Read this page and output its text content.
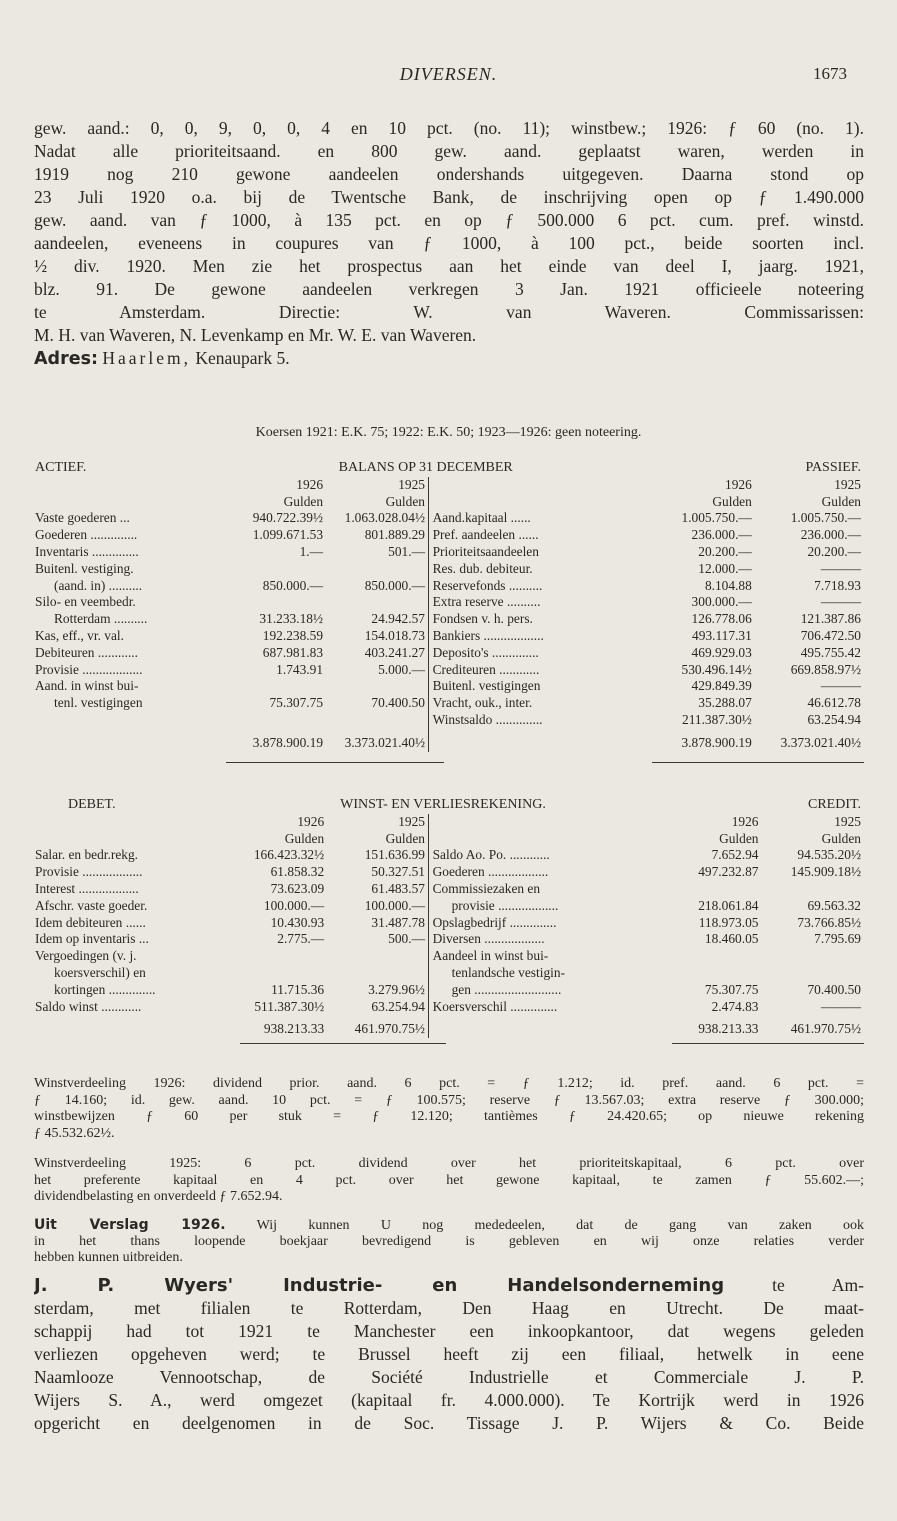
DIVERSEN.	1673
gew. aand.: 0, 0, 9, 0, 0, 4 en 10 pct. (no. 11); winstbew.; 1926: ƒ 60 (no. 1).
Nadat alle prioriteitsaand. en 800 gew. aand. geplaatst waren, werden in
1919 nog 210 gewone aandeelen ondershands uitgegeven. Daarna stond op
23 Juli 1920 o.a. bij de Twentsche Bank, de inschrijving open op ƒ 1.490.000
gew. aand. van ƒ 1000, à 135 pct. en op ƒ 500.000 6 pct. cum. pref. winstd.
aandeelen, eveneens in coupures van ƒ 1000, à 100 pct., beide soorten incl.
½ div. 1920. Men zie het prospectus aan het einde van deel I, jaarg. 1921,
blz. 91. De gewone aandeelen verkregen 3 Jan. 1921 officieele noteering
te Amsterdam. Directie: W. van Waveren. Commissarissen:
M. H. van Waveren, N. Levenkamp en Mr. W. E. van Waveren.
Adres: Haarlem, Kenaupark 5.
Koersen 1921: E.K. 75; 1922: E.K. 50; 1923—1926: geen noteering.
ACTIEF.	BALANS OP 31 DECEMBER					PASSIEF.
	1926	1925			1926	1925
	Gulden	Gulden			Gulden	Gulden
Vaste goederen ...	940.722.39½	1.063.028.04½		Aand.kapitaal ......	1.005.750.—	1.005.750.—
Goederen ..............	1.099.671.53	801.889.29		Pref. aandeelen ......	236.000.—	236.000.—
Inventaris ..............	1.—	501.—		Prioriteitsaandeelen	20.200.—	20.200.—
Buitenl. vestiging.				Res. dub. debiteur.	12.000.—	———
(aand. in) ..........	850.000.—	850.000.—		Reservefonds ..........	8.104.88	7.718.93
Silo- en veembedr.				Extra reserve ..........	300.000.—	———
Rotterdam ..........	31.233.18½	24.942.57		Fondsen v. h. pers.	126.778.06	121.387.86
Kas, eff., vr. val.	192.238.59	154.018.73		Bankiers ..................	493.117.31	706.472.50
Debiteuren ............	687.981.83	403.241.27		Deposito's ..............	469.929.03	495.755.42
Provisie ..................	1.743.91	5.000.—		Crediteuren ............	530.496.14½	669.858.97½
Aand. in winst bui-				Buitenl. vestigingen	429.849.39	———
tenl. vestigingen	75.307.75	70.400.50		Vracht, ouk., inter.	35.288.07	46.612.78
				Winstsaldo ..............	211.387.30½	63.254.94
	3.878.900.19	3.373.021.40½			3.878.900.19	3.373.021.40½
DEBET.	WINST- EN VERLIESREKENING.					CREDIT.
	1926	1925			1926	1925
	Gulden	Gulden			Gulden	Gulden
Salar. en bedr.rekg.	166.423.32½	151.636.99		Saldo Ao. Po. ............	7.652.94	94.535.20½
Provisie ..................	61.858.32	50.327.51		Goederen ..................	497.232.87	145.909.18½
Interest ..................	73.623.09	61.483.57		Commissiezaken en		
Afschr. vaste goeder.	100.000.—	100.000.—		provisie ..................	218.061.84	69.563.32
Idem debiteuren ......	10.430.93	31.487.78		Opslagbedrijf ..............	118.973.05	73.766.85½
Idem op inventaris ...	2.775.—	500.—		Diversen ..................	18.460.05	7.795.69
Vergoedingen (v. j.				Aandeel in winst bui-		
koersverschil) en				tenlandsche vestigin-		
kortingen ..............	11.715.36	3.279.96½		gen ..........................	75.307.75	70.400.50
Saldo winst ............	511.387.30½	63.254.94		Koersverschil ..............	2.474.83	———
	938.213.33	461.970.75½			938.213.33	461.970.75½
Winstverdeeling 1926: dividend prior. aand. 6 pct. = ƒ 1.212; id. pref. aand. 6 pct. =
ƒ 14.160; id. gew. aand. 10 pct. = ƒ 100.575; reserve ƒ 13.567.03; extra reserve ƒ 300.000;
winstbewijzen ƒ 60 per stuk = ƒ 12.120; tantièmes ƒ 24.420.65; op nieuwe rekening
ƒ 45.532.62½.
Winstverdeeling 1925: 6 pct. dividend over het prioriteitskapitaal, 6 pct. over
het preferente kapitaal en 4 pct. over het gewone kapitaal, te zamen ƒ 55.602.—;
dividendbelasting en onverdeeld ƒ 7.652.94.
Uit Verslag 1926. Wij kunnen U nog mededeelen, dat de gang van zaken ook
in het thans loopende boekjaar bevredigend is gebleven en wij onze relaties verder
hebben kunnen uitbreiden.
J. P. Wyers' Industrie- en Handelsonderneming	te Am-
sterdam, met filialen te Rotterdam, Den Haag en Utrecht. De maat-
schappij had tot 1921 te Manchester een inkoopkantoor, dat wegens geleden
verliezen opgeheven werd; te Brussel heeft zij een filiaal, hetwelk in eene
Naamlooze Vennootschap, de Société Industrielle et Commerciale J. P.
Wijers S. A., werd omgezet (kapitaal fr. 4.000.000). Te Kortrijk werd in 1926
opgericht en deelgenomen in de Soc. Tissage J. P. Wijers & Co. Beide
